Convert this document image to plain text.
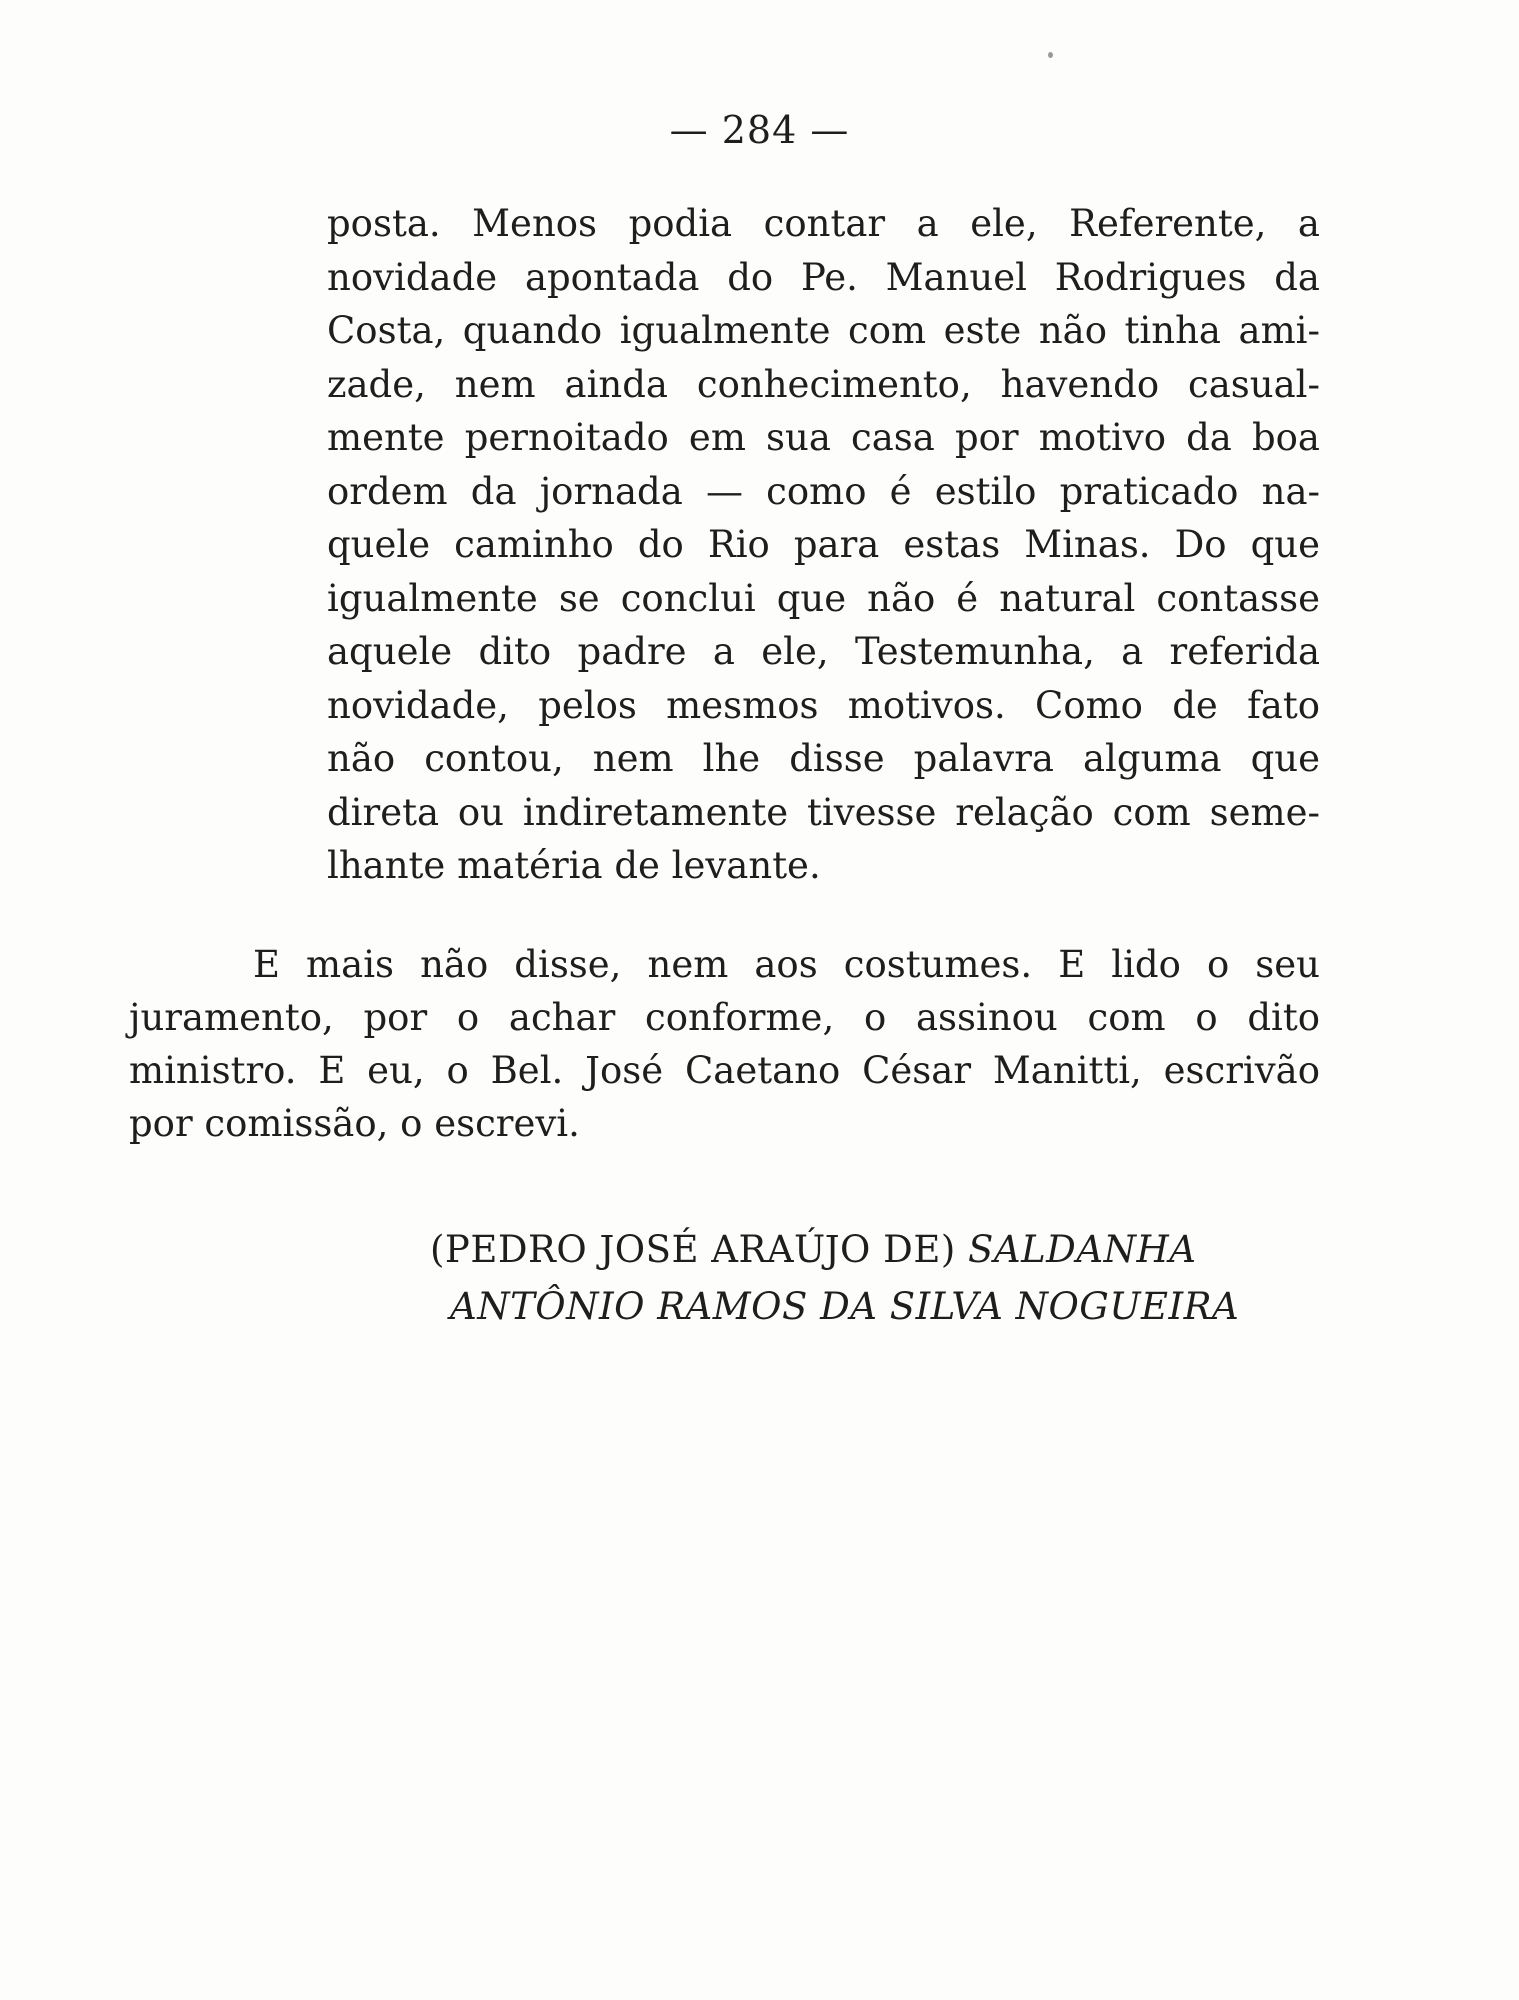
— 284 —
posta. Menos podia contar a ele, Referente, a
novidade apontada do Pe. Manuel Rodrigues da
Costa, quando igualmente com este não tinha ami-
zade, nem ainda conhecimento, havendo casual-
mente pernoitado em sua casa por motivo da boa
ordem da jornada — como é estilo praticado na-
quele caminho do Rio para estas Minas. Do que
igualmente se conclui que não é natural contasse
aquele dito padre a ele, Testemunha, a referida
novidade, pelos mesmos motivos. Como de fato
não contou, nem lhe disse palavra alguma que
direta ou indiretamente tivesse relação com seme-
lhante matéria de levante.
E mais não disse, nem aos costumes. E lido o seu
juramento, por o achar conforme, o assinou com o dito
ministro. E eu, o Bel. José Caetano César Manitti, escrivão
por comissão, o escrevi.
(PEDRO JOSÉ ARAÚJO DE) SALDANHA
ANTÔNIO RAMOS DA SILVA NOGUEIRA
